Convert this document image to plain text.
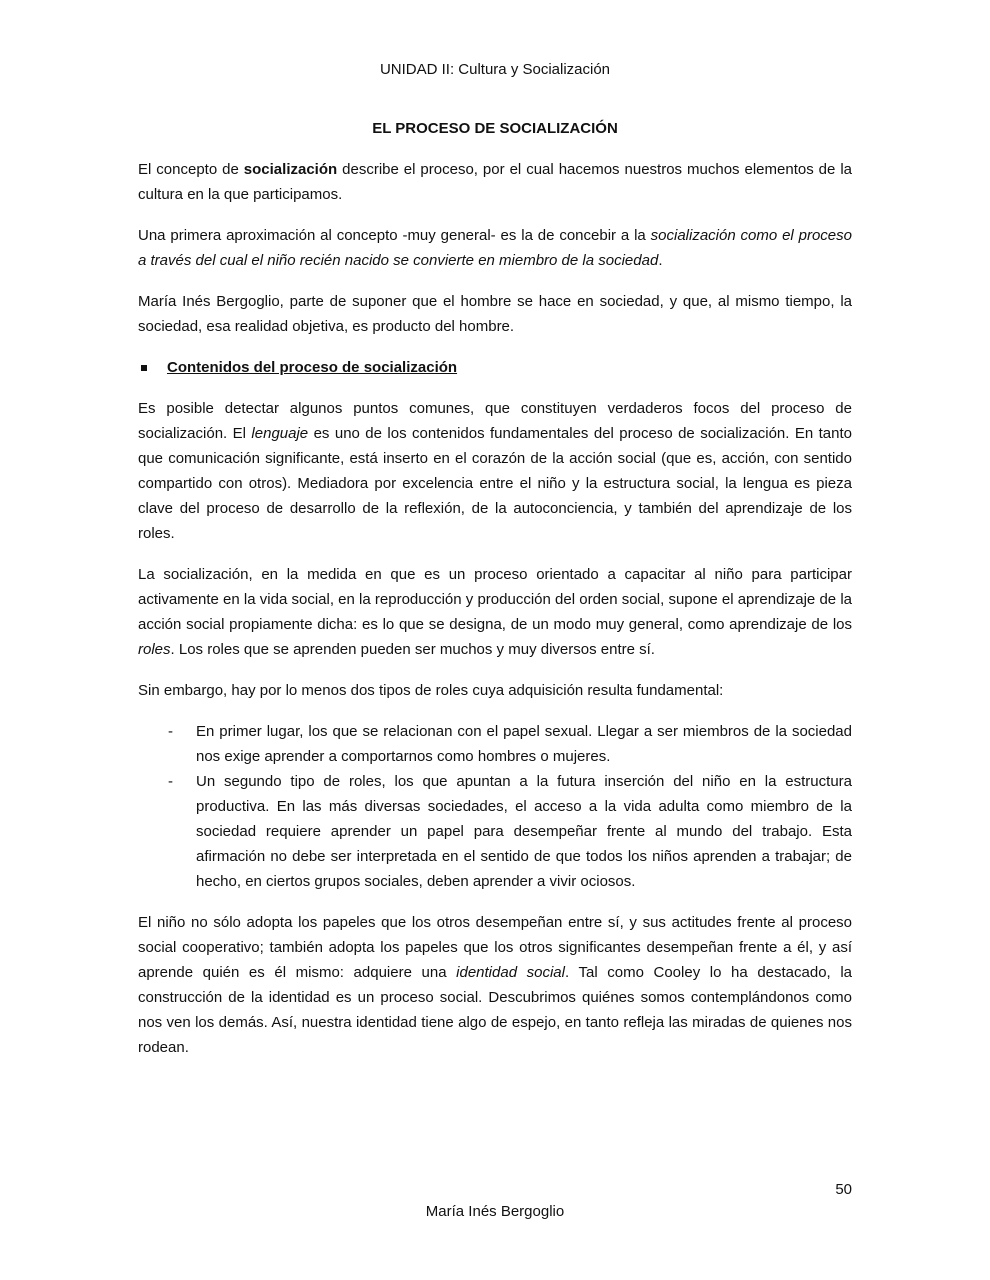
UNIDAD II: Cultura y Socialización
EL PROCESO DE SOCIALIZACIÓN

El concepto de socialización describe el proceso, por el cual hacemos nuestros muchos elementos de la cultura en la que participamos.

Una primera aproximación al concepto -muy general- es la de concebir a la socialización como el proceso a través del cual el niño recién nacido se convierte en miembro de la sociedad.

María Inés Bergoglio, parte de suponer que el hombre se hace en sociedad, y que, al mismo tiempo, la sociedad, esa realidad objetiva, es producto del hombre.

Contenidos del proceso de socialización

Es posible detectar algunos puntos comunes, que constituyen verdaderos focos del proceso de socialización. El lenguaje es uno de los contenidos fundamentales del proceso de socialización. En tanto que comunicación significante, está inserto en el corazón de la acción social (que es, acción, con sentido compartido con otros). Mediadora por excelencia entre el niño y la estructura social, la lengua es pieza clave del proceso de desarrollo de la reflexión, de la autoconciencia, y también del aprendizaje de los roles.

La socialización, en la medida en que es un proceso orientado a capacitar al niño para participar activamente en la vida social, en la reproducción y producción del orden social, supone el aprendizaje de la acción social propiamente dicha: es lo que se designa, de un modo muy general, como aprendizaje de los roles. Los roles que se aprenden pueden ser muchos y muy diversos entre sí.

Sin embargo, hay por lo menos dos tipos de roles cuya adquisición resulta fundamental:

- En primer lugar, los que se relacionan con el papel sexual. Llegar a ser miembros de la sociedad nos exige aprender a comportarnos como hombres o mujeres.
- Un segundo tipo de roles, los que apuntan a la futura inserción del niño en la estructura productiva. En las más diversas sociedades, el acceso a la vida adulta como miembro de la sociedad requiere aprender un papel para desempeñar frente al mundo del trabajo. Esta afirmación no debe ser interpretada en el sentido de que todos los niños aprenden a trabajar; de hecho, en ciertos grupos sociales, deben aprender a vivir ociosos.

El niño no sólo adopta los papeles que los otros desempeñan entre sí, y sus actitudes frente al proceso social cooperativo; también adopta los papeles que los otros significantes desempeñan frente a él, y así aprende quién es él mismo: adquiere una identidad social. Tal como Cooley lo ha destacado, la construcción de la identidad es un proceso social. Descubrimos quiénes somos contemplándonos como nos ven los demás. Así, nuestra identidad tiene algo de espejo, en tanto refleja las miradas de quienes nos rodean.

50
María Inés Bergoglio
